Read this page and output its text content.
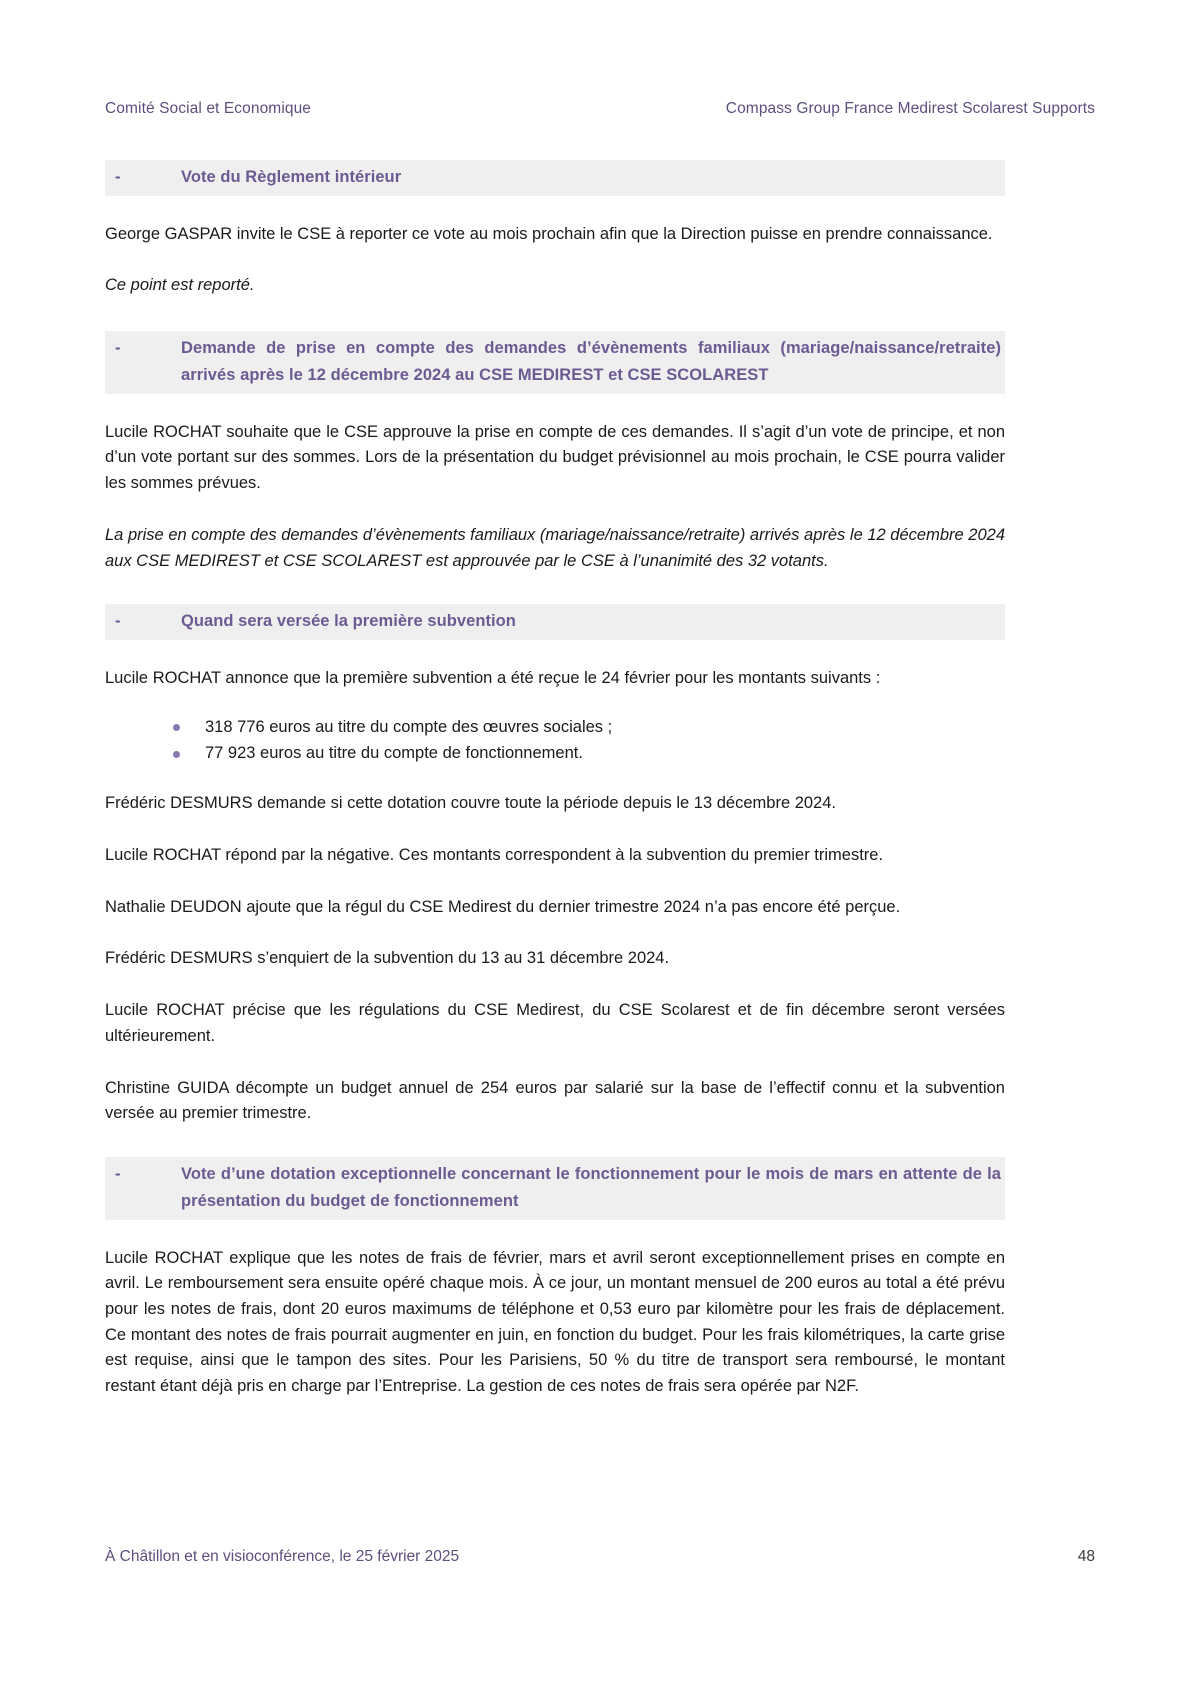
Comité Social et Economique	Compass Group France Medirest Scolarest Supports
-	Vote du Règlement intérieur

George GASPAR invite le CSE à reporter ce vote au mois prochain afin que la Direction puisse en prendre connaissance.

Ce point est reporté.

-	Demande de prise en compte des demandes d’évènements familiaux (mariage/naissance/retraite) arrivés après le 12 décembre 2024 au CSE MEDIREST et CSE SCOLAREST

Lucile ROCHAT souhaite que le CSE approuve la prise en compte de ces demandes. Il s’agit d’un vote de principe, et non d’un vote portant sur des sommes. Lors de la présentation du budget prévisionnel au mois prochain, le CSE pourra valider les sommes prévues.

La prise en compte des demandes d’évènements familiaux (mariage/naissance/retraite) arrivés après le 12 décembre 2024 aux CSE MEDIREST et CSE SCOLAREST est approuvée par le CSE à l’unanimité des 32 votants.

-	Quand sera versée la première subvention

Lucile ROCHAT annonce que la première subvention a été reçue le 24 février pour les montants suivants :

318 776 euros au titre du compte des œuvres sociales ;
77 923 euros au titre du compte de fonctionnement.

Frédéric DESMURS demande si cette dotation couvre toute la période depuis le 13 décembre 2024.

Lucile ROCHAT répond par la négative. Ces montants correspondent à la subvention du premier trimestre.

Nathalie DEUDON ajoute que la régul du CSE Medirest du dernier trimestre 2024 n’a pas encore été perçue.

Frédéric DESMURS s’enquiert de la subvention du 13 au 31 décembre 2024.

Lucile ROCHAT précise que les régulations du CSE Medirest, du CSE Scolarest et de fin décembre seront versées ultérieurement.

Christine GUIDA décompte un budget annuel de 254 euros par salarié sur la base de l’effectif connu et la subvention versée au premier trimestre.

-	Vote d’une dotation exceptionnelle concernant le fonctionnement pour le mois de mars en attente de la présentation du budget de fonctionnement

Lucile ROCHAT explique que les notes de frais de février, mars et avril seront exceptionnellement prises en compte en avril. Le remboursement sera ensuite opéré chaque mois. À ce jour, un montant mensuel de 200 euros au total a été prévu pour les notes de frais, dont 20 euros maximums de téléphone et 0,53 euro par kilomètre pour les frais de déplacement. Ce montant des notes de frais pourrait augmenter en juin, en fonction du budget. Pour les frais kilométriques, la carte grise est requise, ainsi que le tampon des sites. Pour les Parisiens, 50 % du titre de transport sera remboursé, le montant restant étant déjà pris en charge par l’Entreprise. La gestion de ces notes de frais sera opérée par N2F.

À Châtillon et en visioconférence, le 25 février 2025	48
